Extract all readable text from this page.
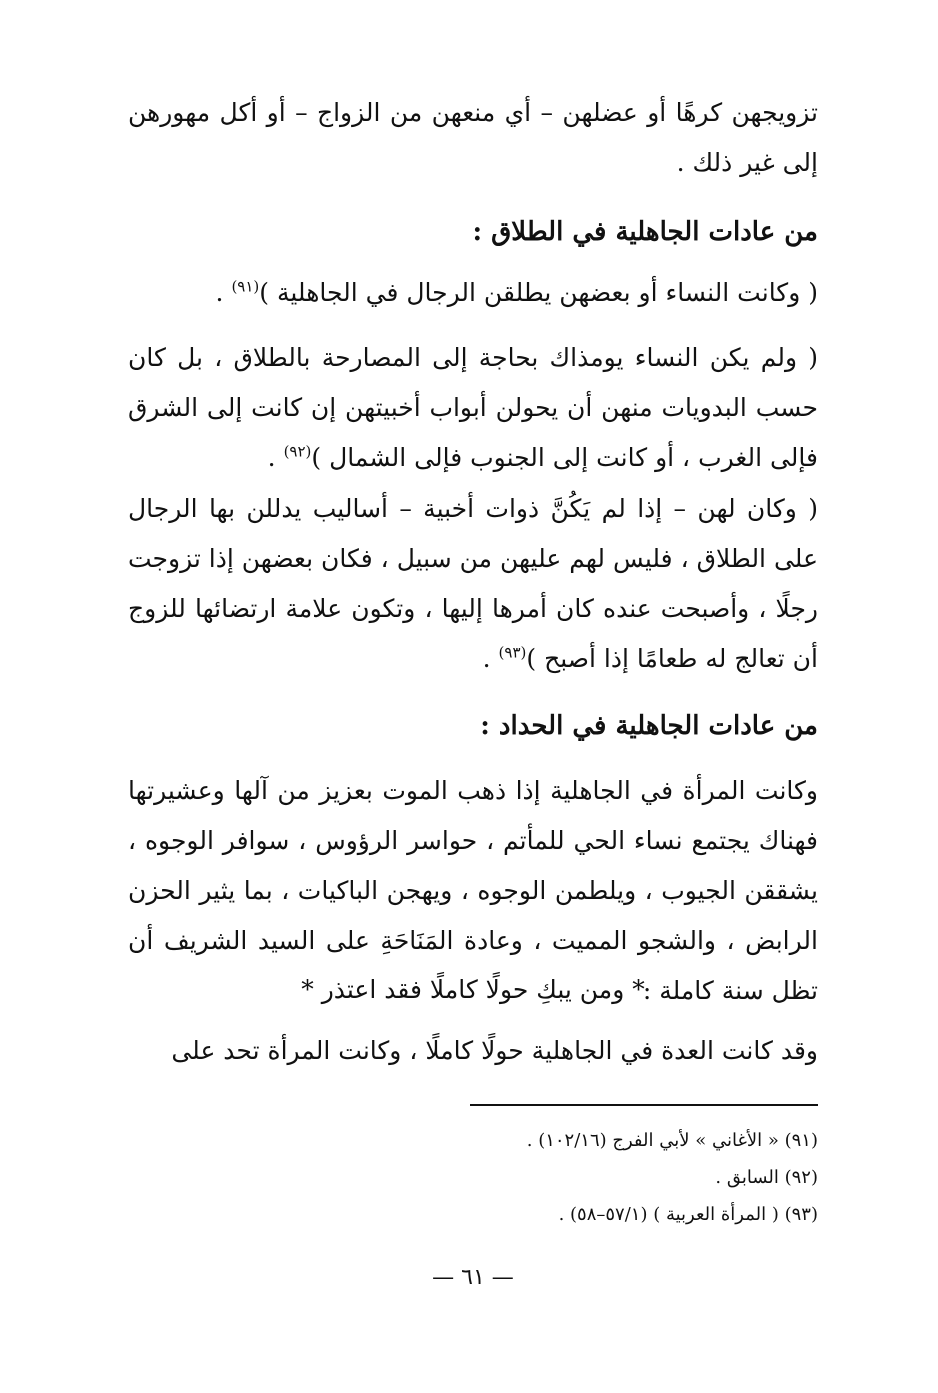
تزويجهن كرهًا أو عضلهن – أي منعهن من الزواج – أو أكل مهورهن إلى غير ذلك .
من عادات الجاهلية في الطلاق :
( وكانت النساء أو بعضهن يطلقن الرجال في الجاهلية )$^{(٩١)}$ .
( ولم يكن النساء يومذاك بحاجة إلى المصارحة بالطلاق ، بل كان حسب البدويات منهن أن يحولن أبواب أخبيتهن إن كانت إلى الشرق فإلى الغرب ، أو كانت إلى الجنوب فإلى الشمال )$^{(٩٢)}$ .
( وكان لهن – إذا لم يَكُنَّ ذوات أخبية – أساليب يدللن بها الرجال على الطلاق ، فليس لهم عليهن من سبيل ، فكان بعضهن إذا تزوجت رجلًا ، وأصبحت عنده كان أمرها إليها ، وتكون علامة ارتضائها للزوج أن تعالج له طعامًا إذا أصبح )$^{(٩٣)}$ .
من عادات الجاهلية في الحداد :
وكانت المرأة في الجاهلية إذا ذهب الموت بعزيز من آلها وعشيرتها فهناك يجتمع نساء الحي للمأتم ، حواسر الرؤوس ، سوافر الوجوه ، يشققن الجيوب ، ويلطمن الوجوه ، ويهجن الباكيات ، بما يثير الحزن الرابض ، والشجو المميت ، وعادة المَنَاحَةِ على السيد الشريف أن تظل سنة كاملة :
* ومن يبكِ حولًا كاملًا فقد اعتذر *
وقد كانت العدة في الجاهلية حولًا كاملًا ، وكانت المرأة تحد على
(٩١) « الأغاني » لأبي الفرج (١٠٢/١٦) .
(٩٢) السابق .
(٩٣) ( المرأة العربية ) (٥٧/١–٥٨) .
— ٦١ —
